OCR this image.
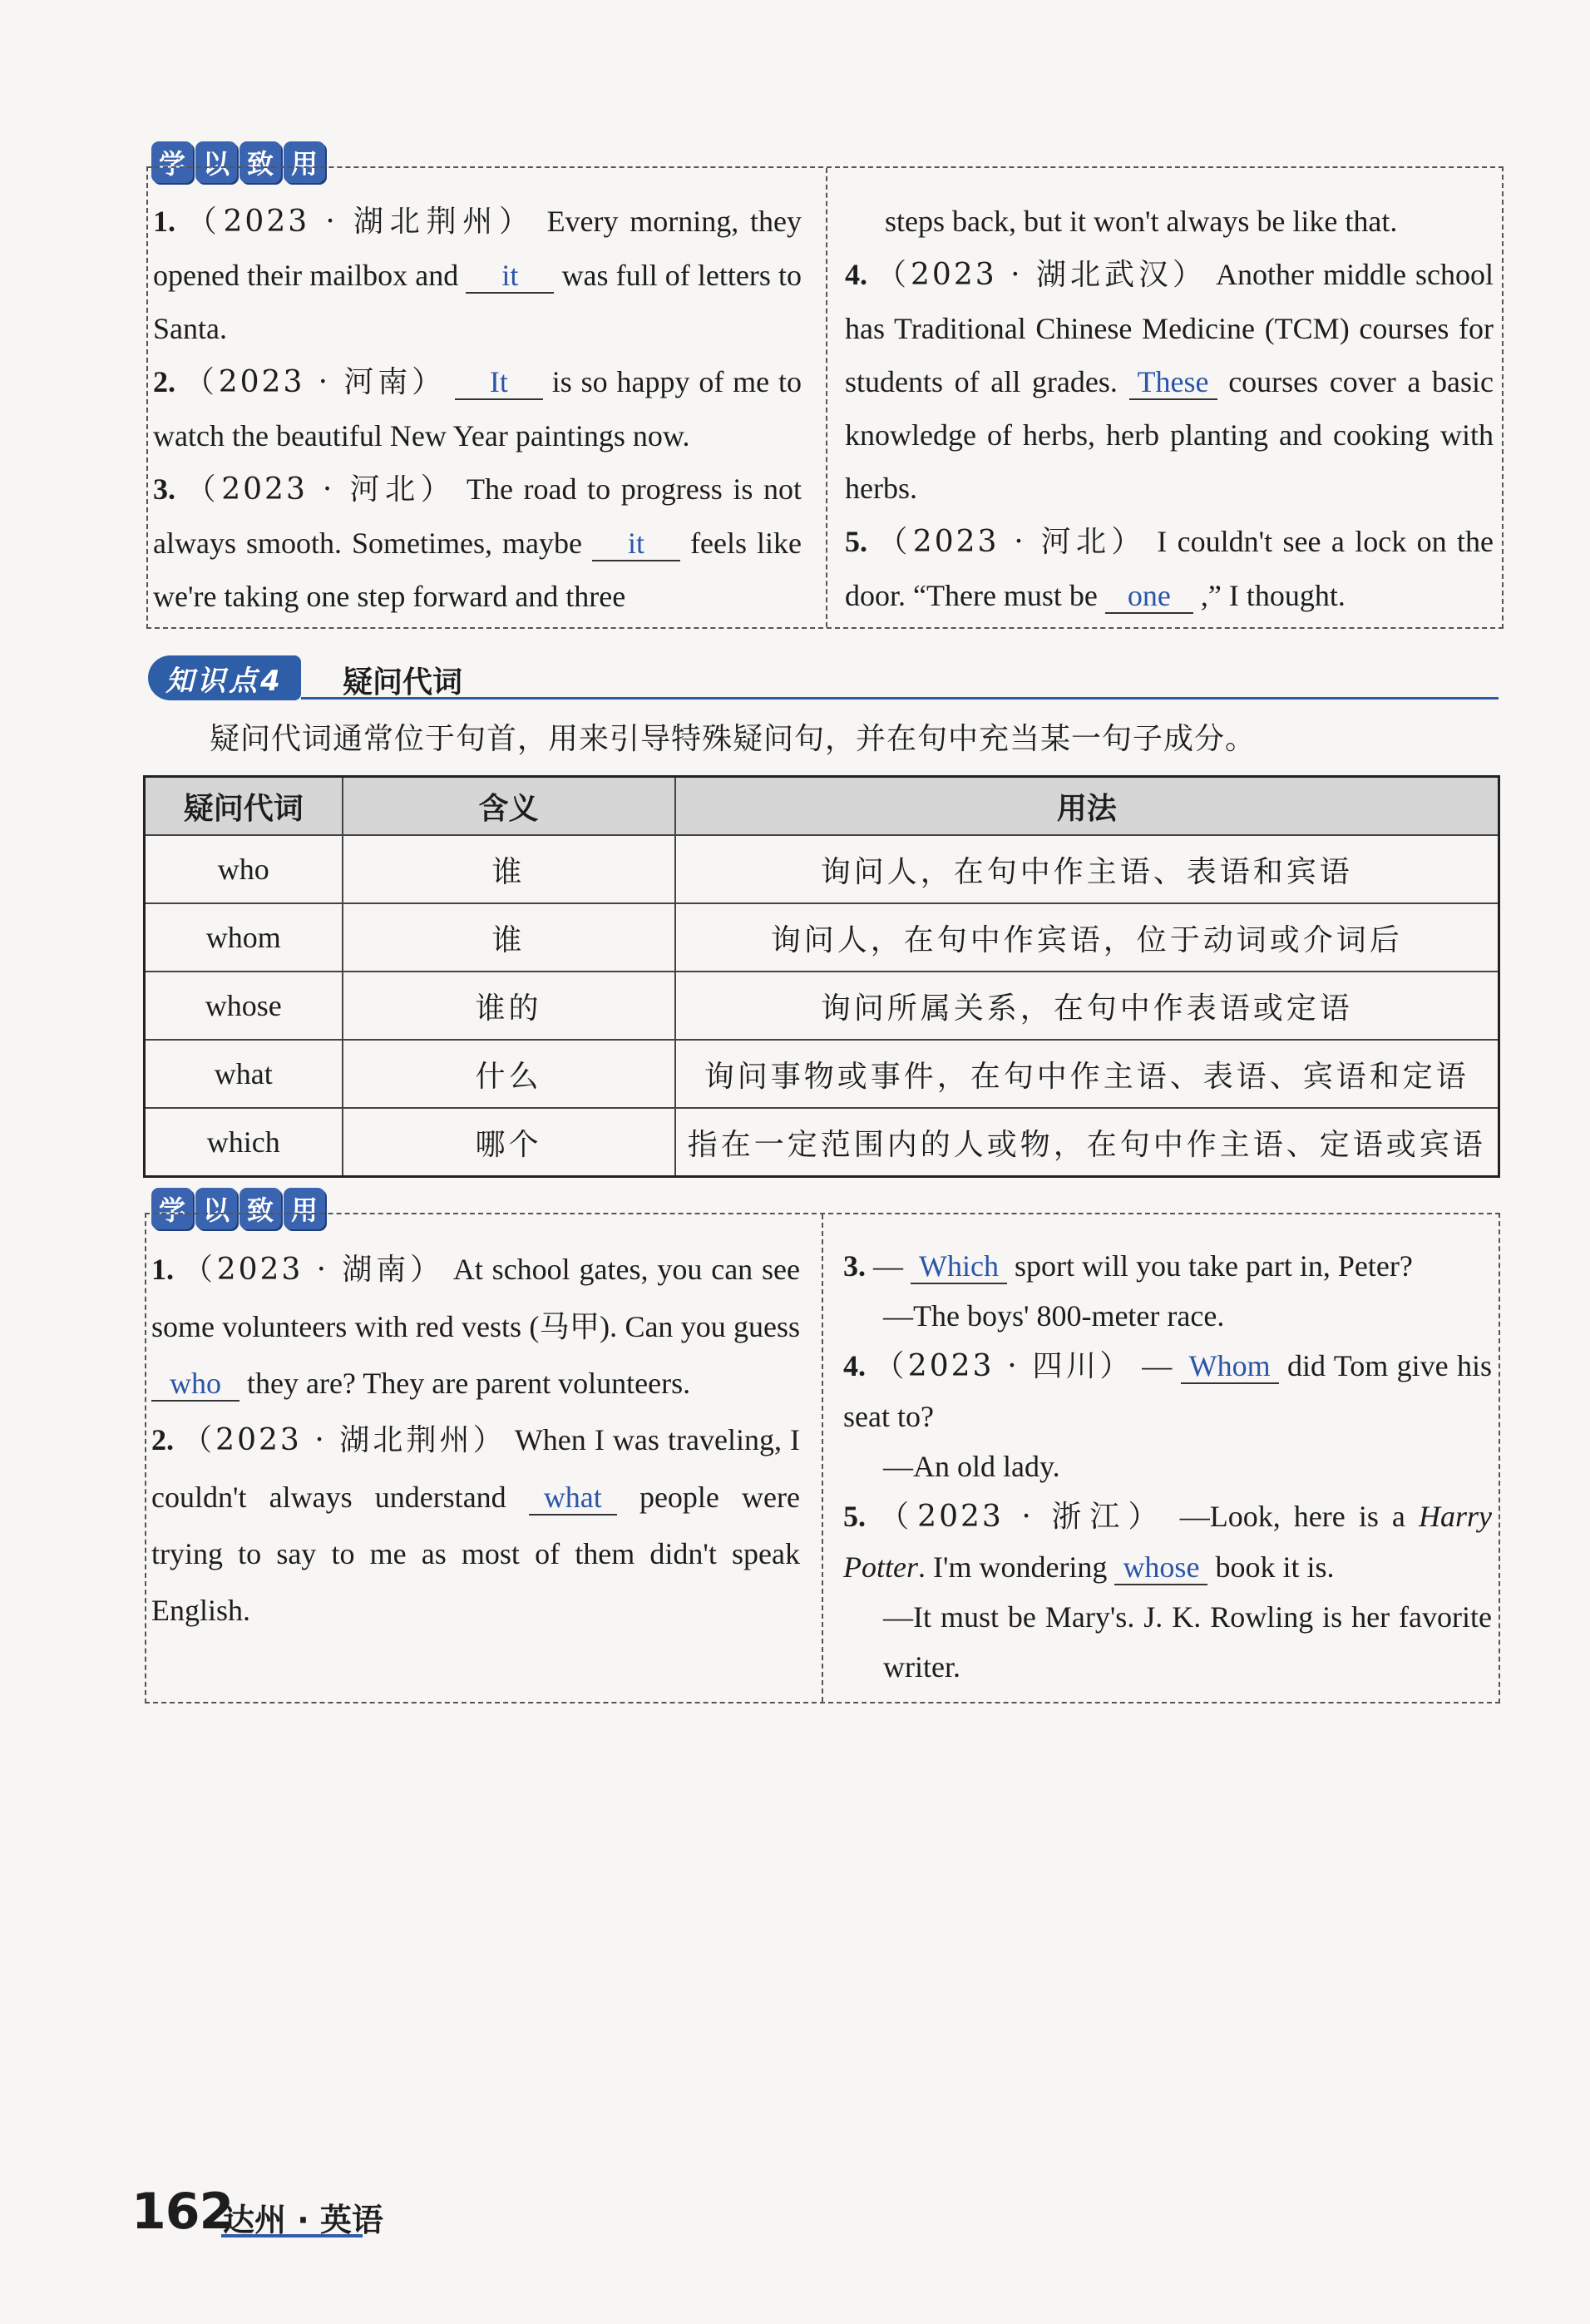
学 以 致 用

1. （2023 · 湖北荆州） Every morning, they opened their mailbox and it was full of letters to Santa.

2. （2023 · 河南） It is so happy of me to watch the beautiful New Year paintings now.

3. （2023 · 河北） The road to progress is not always smooth. Sometimes, maybe it feels like we're taking one step forward and three

steps back, but it won't always be like that.

4. （2023 · 湖北武汉） Another middle school has Traditional Chinese Medicine (TCM) courses for students of all grades. These courses cover a basic knowledge of herbs, herb planting and cooking with herbs.

5. （2023 · 河北） I couldn't see a lock on the door. “There must be one ,” I thought.

知识点4	疑问代词
疑问代词通常位于句首，用来引导特殊疑问句，并在句中充当某一句子成分。
疑问代词	含义	用法
who	谁	询问人，在句中作主语、表语和宾语
whom	谁	询问人，在句中作宾语，位于动词或介词后
whose	谁的	询问所属关系，在句中作表语或定语
what	什么	询问事物或事件，在句中作主语、表语、宾语和定语
which	哪个	指在一定范围内的人或物，在句中作主语、定语或宾语
学 以 致 用

1. （2023 · 湖南） At school gates, you can see some volunteers with red vests (马甲). Can you guess who they are? They are parent volunteers.

2. （2023 · 湖北荆州） When I was traveling, I couldn't always understand what people were trying to say to me as most of them didn't speak English.

3. — Which sport will you take part in, Peter?

—The boys' 800-meter race.

4. （2023 · 四川） — Whom did Tom give his seat to?

—An old lady.

5. （2023 · 浙江） —Look, here is a Harry Potter. I'm wondering whose book it is.

—It must be Mary's. J. K. Rowling is her favorite writer.

162
达州 · 英语
